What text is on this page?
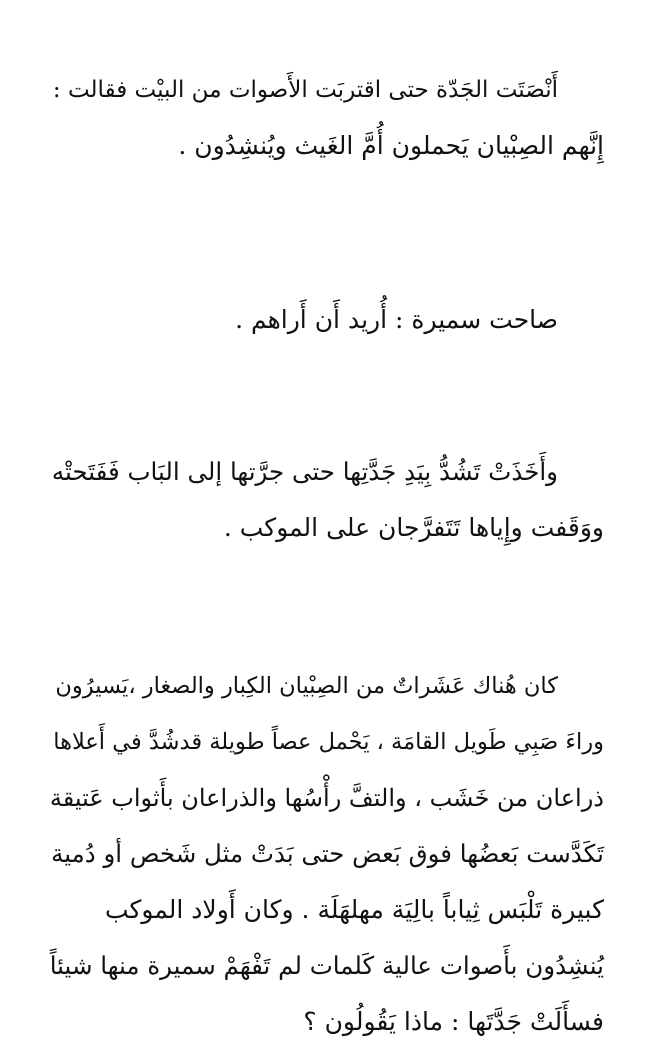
أَنْصَتَت الجَدّة حتى اقتربَت الأَصوات من البيْت فقالت :
إِنَّهم الصِبْيان يَحملون أُمَّ الغَيث ويُنشِدُون .
صاحت سميرة : أُريد أَن أَراهم .
وأَخَذَتْ تَشُدُّ بِيَدِ جَدَّتِها حتى جرَّتها إلى البَاب فَفَتَحتْه
ووَقَفت وإِياها تَتَفرَّجان على الموكب .
كان هُناك عَشَراتٌ من الصِبْيان الكِبار والصغار ،يَسيرُون
وراءَ صَبِي طَويل القامَة ، يَحْمل عصاً طويلة قدشُدَّ في أَعلاها
ذراعان من خَشَب ، والتفَّ رأْسُها والذراعان بأَثواب عَتيقة
تَكَدَّست بَعضُها فوق بَعض حتى بَدَتْ مثل شَخص أو دُمية
كبيرة تَلْبَس ثِياباً بالِيَة مهلهَلَة . وكان أَولاد الموكب
يُنشِدُون بأَصوات عالية كَلمات لم تَفْهَمْ سميرة منها شيئاً
فسأَلَتْ جَدَّتَها : ماذا يَقُولُون ؟
